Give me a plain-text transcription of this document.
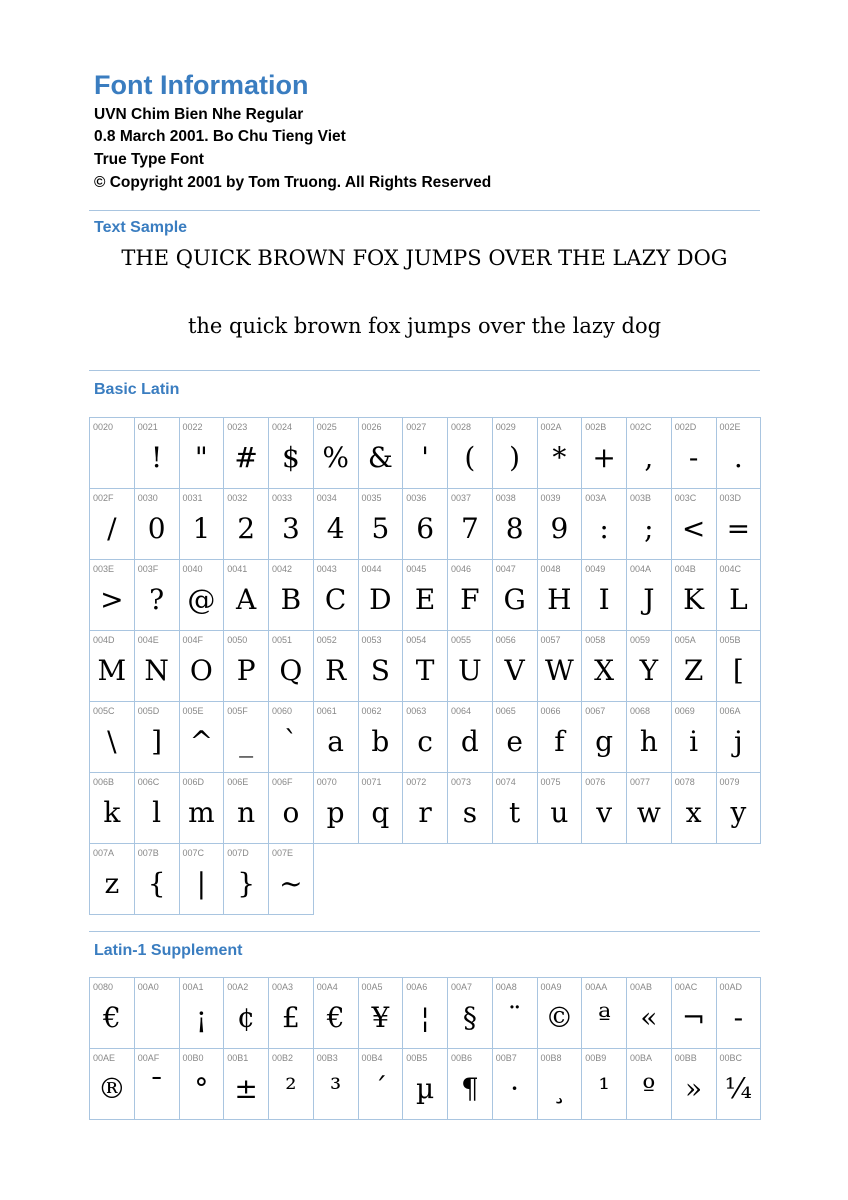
Font Information
UVN Chim Bien Nhe Regular
0.8 March 2001. Bo Chu Tieng Viet
True Type Font
© Copyright 2001 by Tom Truong. All Rights Reserved
Text Sample
THE QUICK BROWN FOX JUMPS OVER THE LAZY DOG
the quick brown fox jumps over the lazy dog
Basic Latin
0020	0021
!
0022
"
0023
#
0024
$
0025
%
0026
&
0027
'
0028
(
0029
)
002A
*
002B
+
002C
,
002D
-
002E
.
002F
/
0030
0
0031
1
0032
2
0033
3
0034
4
0035
5
0036
6
0037
7
0038
8
0039
9
003A
:
003B
;
003C
<
003D
=
003E
>
003F
?
0040
@
0041
A
0042
B
0043
C
0044
D
0045
E
0046
F
0047
G
0048
H
0049
I
004A
J
004B
K
004C
L
004D
M
004E
N
004F
O
0050
P
0051
Q
0052
R
0053
S
0054
T
0055
U
0056
V
0057
W
0058
X
0059
Y
005A
Z
005B
[
005C
\
005D
]
005E
^
005F
_
0060
`
0061
a
0062
b
0063
c
0064
d
0065
e
0066
f
0067
g
0068
h
0069
i
006A
j
006B
k
006C
l
006D
m
006E
n
006F
o
0070
p
0071
q
0072
r
0073
s
0074
t
0075
u
0076
v
0077
w
0078
x
0079
y
007A
z
007B
{
007C
|
007D
}
007E
~
Latin-1 Supplement
0080
€
00A0	00A1
¡
00A2
¢
00A3
£
00A4
€
00A5
¥
00A6
¦
00A7
§
00A8
¨
00A9
©
00AA
ª
00AB
«
00AC
¬
00AD
-
00AE
®
00AF
¯
00B0
°
00B1
±
00B2
²
00B3
³
00B4
´
00B5
µ
00B6
¶
00B7
·
00B8
¸
00B9
¹
00BA
º
00BB
»
00BC
¼
